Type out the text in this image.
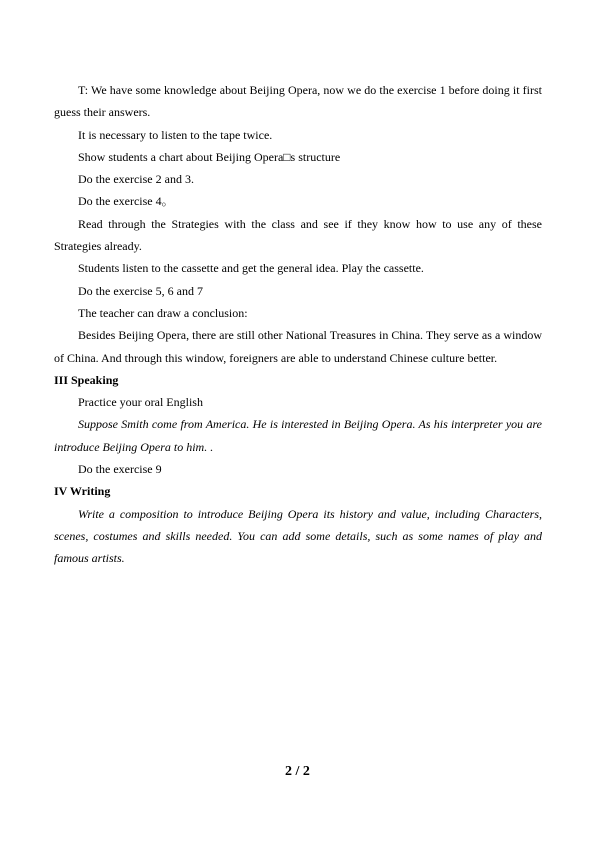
T: We have some knowledge about Beijing Opera, now we do the exercise 1 before doing it first guess their answers.

It is necessary to listen to the tape twice.

Show students a chart about Beijing Opera□s structure

Do the exercise 2 and 3.

Do the exercise 4。

Read through the Strategies with the class and see if they know how to use any of these Strategies already.

Students listen to the cassette and get the general idea. Play the cassette.

Do the exercise 5, 6 and 7

The teacher can draw a conclusion:

Besides Beijing Opera, there are still other National Treasures in China. They serve as a window of China. And through this window, foreigners are able to understand Chinese culture better.

III Speaking

Practice your oral English

Suppose Smith come from America. He is interested in Beijing Opera. As his interpreter you are introduce Beijing Opera to him. .

Do the exercise 9

IV Writing

Write a composition to introduce Beijing Opera its history and value, including Characters, scenes, costumes and skills needed. You can add some details, such as some names of play and famous artists.

2 / 2
